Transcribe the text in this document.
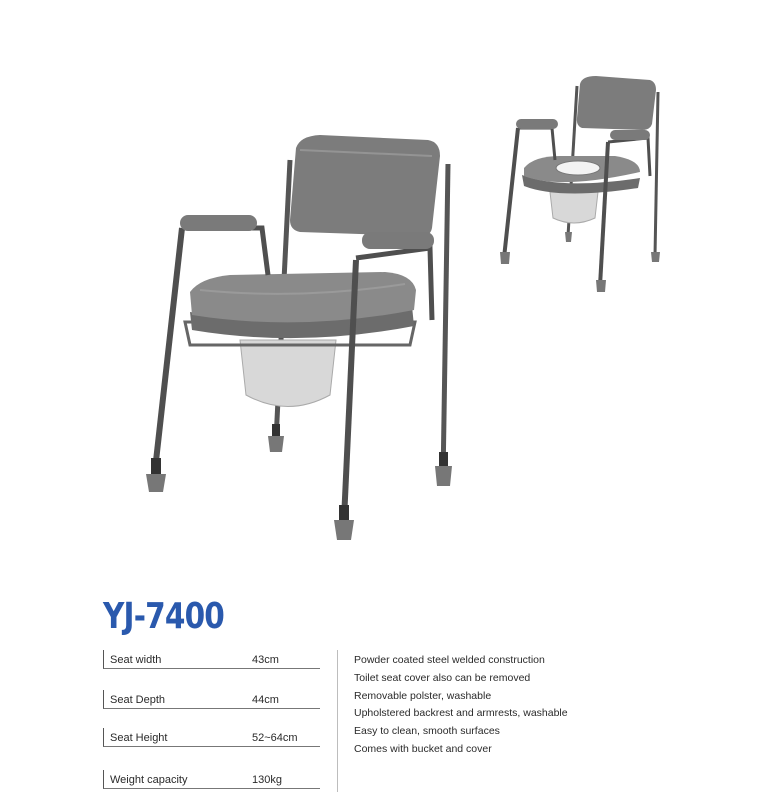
YJ-7400
Seat width	43cm
Seat Depth	44cm
Seat Height	52~64cm
Weight capacity	130kg
Powder coated steel welded construction
Toilet seat cover also can be removed
Removable polster, washable
Upholstered backrest and armrests, washable
Easy to clean, smooth surfaces
Comes with bucket and cover
